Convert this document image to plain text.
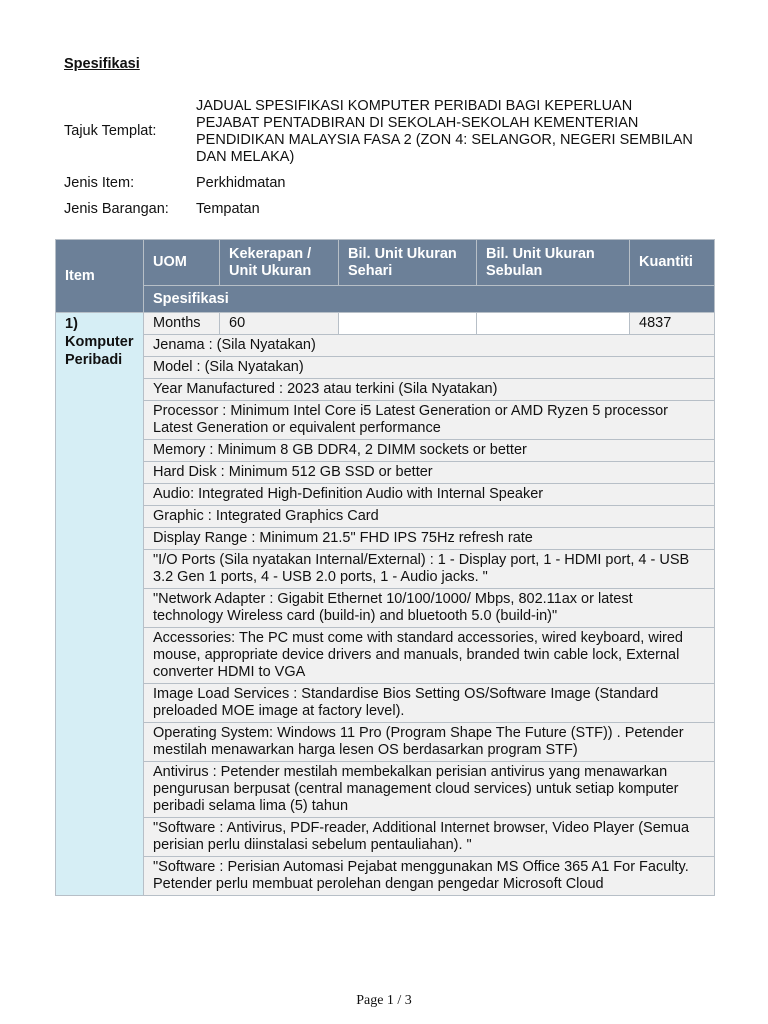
Spesifikasi
Tajuk Templat:
JADUAL SPESIFIKASI KOMPUTER PERIBADI BAGI KEPERLUAN PEJABAT PENTADBIRAN DI SEKOLAH-SEKOLAH KEMENTERIAN PENDIDIKAN MALAYSIA FASA 2 (ZON 4: SELANGOR, NEGERI SEMBILAN DAN MELAKA)
Jenis Item:	Perkhidmatan
Jenis Barangan:	Tempatan
Item	UOM	Kekerapan / Unit Ukuran	Bil. Unit Ukuran Sehari	Bil. Unit Ukuran Sebulan	Kuantiti
	Spesifikasi				
1) Komputer Peribadi	Months	60			4837
	Jenama : (Sila Nyatakan)				
	Model : (Sila Nyatakan)				
	Year Manufactured : 2023 atau terkini (Sila Nyatakan)				
	Processor : Minimum Intel Core i5 Latest Generation or AMD Ryzen 5 processor Latest Generation or equivalent performance				
	Memory : Minimum 8 GB DDR4, 2 DIMM sockets or better				
	Hard Disk : Minimum 512 GB SSD or better				
	Audio: Integrated High-Definition Audio with Internal Speaker				
	Graphic : Integrated Graphics Card				
	Display Range : Minimum 21.5" FHD IPS 75Hz refresh rate				
	"I/O Ports (Sila nyatakan Internal/External) : 1 - Display port, 1 - HDMI port, 4 - USB 3.2 Gen 1 ports, 4 - USB 2.0 ports, 1 - Audio jacks. "				
	"Network Adapter : Gigabit Ethernet 10/100/1000/ Mbps, 802.11ax or latest technology Wireless card (build-in) and bluetooth 5.0 (build-in)"				
	Accessories: The PC must come with standard accessories, wired keyboard, wired mouse, appropriate device drivers and manuals, branded twin cable lock, External converter HDMI to VGA				
	Image Load Services : Standardise Bios Setting OS/Software Image (Standard preloaded MOE image at factory level).				
	Operating System: Windows 11 Pro (Program Shape The Future (STF)) . Petender mestilah menawarkan harga lesen OS berdasarkan program STF)				
	Antivirus : Petender mestilah membekalkan perisian antivirus yang menawarkan pengurusan berpusat (central management cloud services) untuk setiap komputer peribadi selama lima (5) tahun				
	"Software : Antivirus, PDF-reader, Additional Internet browser, Video Player (Semua perisian perlu diinstalasi sebelum pentauliahan). "				
	"Software : Perisian Automasi Pejabat menggunakan MS Office 365 A1 For Faculty. Petender perlu membuat perolehan dengan pengedar Microsoft Cloud				
Page 1 / 3
